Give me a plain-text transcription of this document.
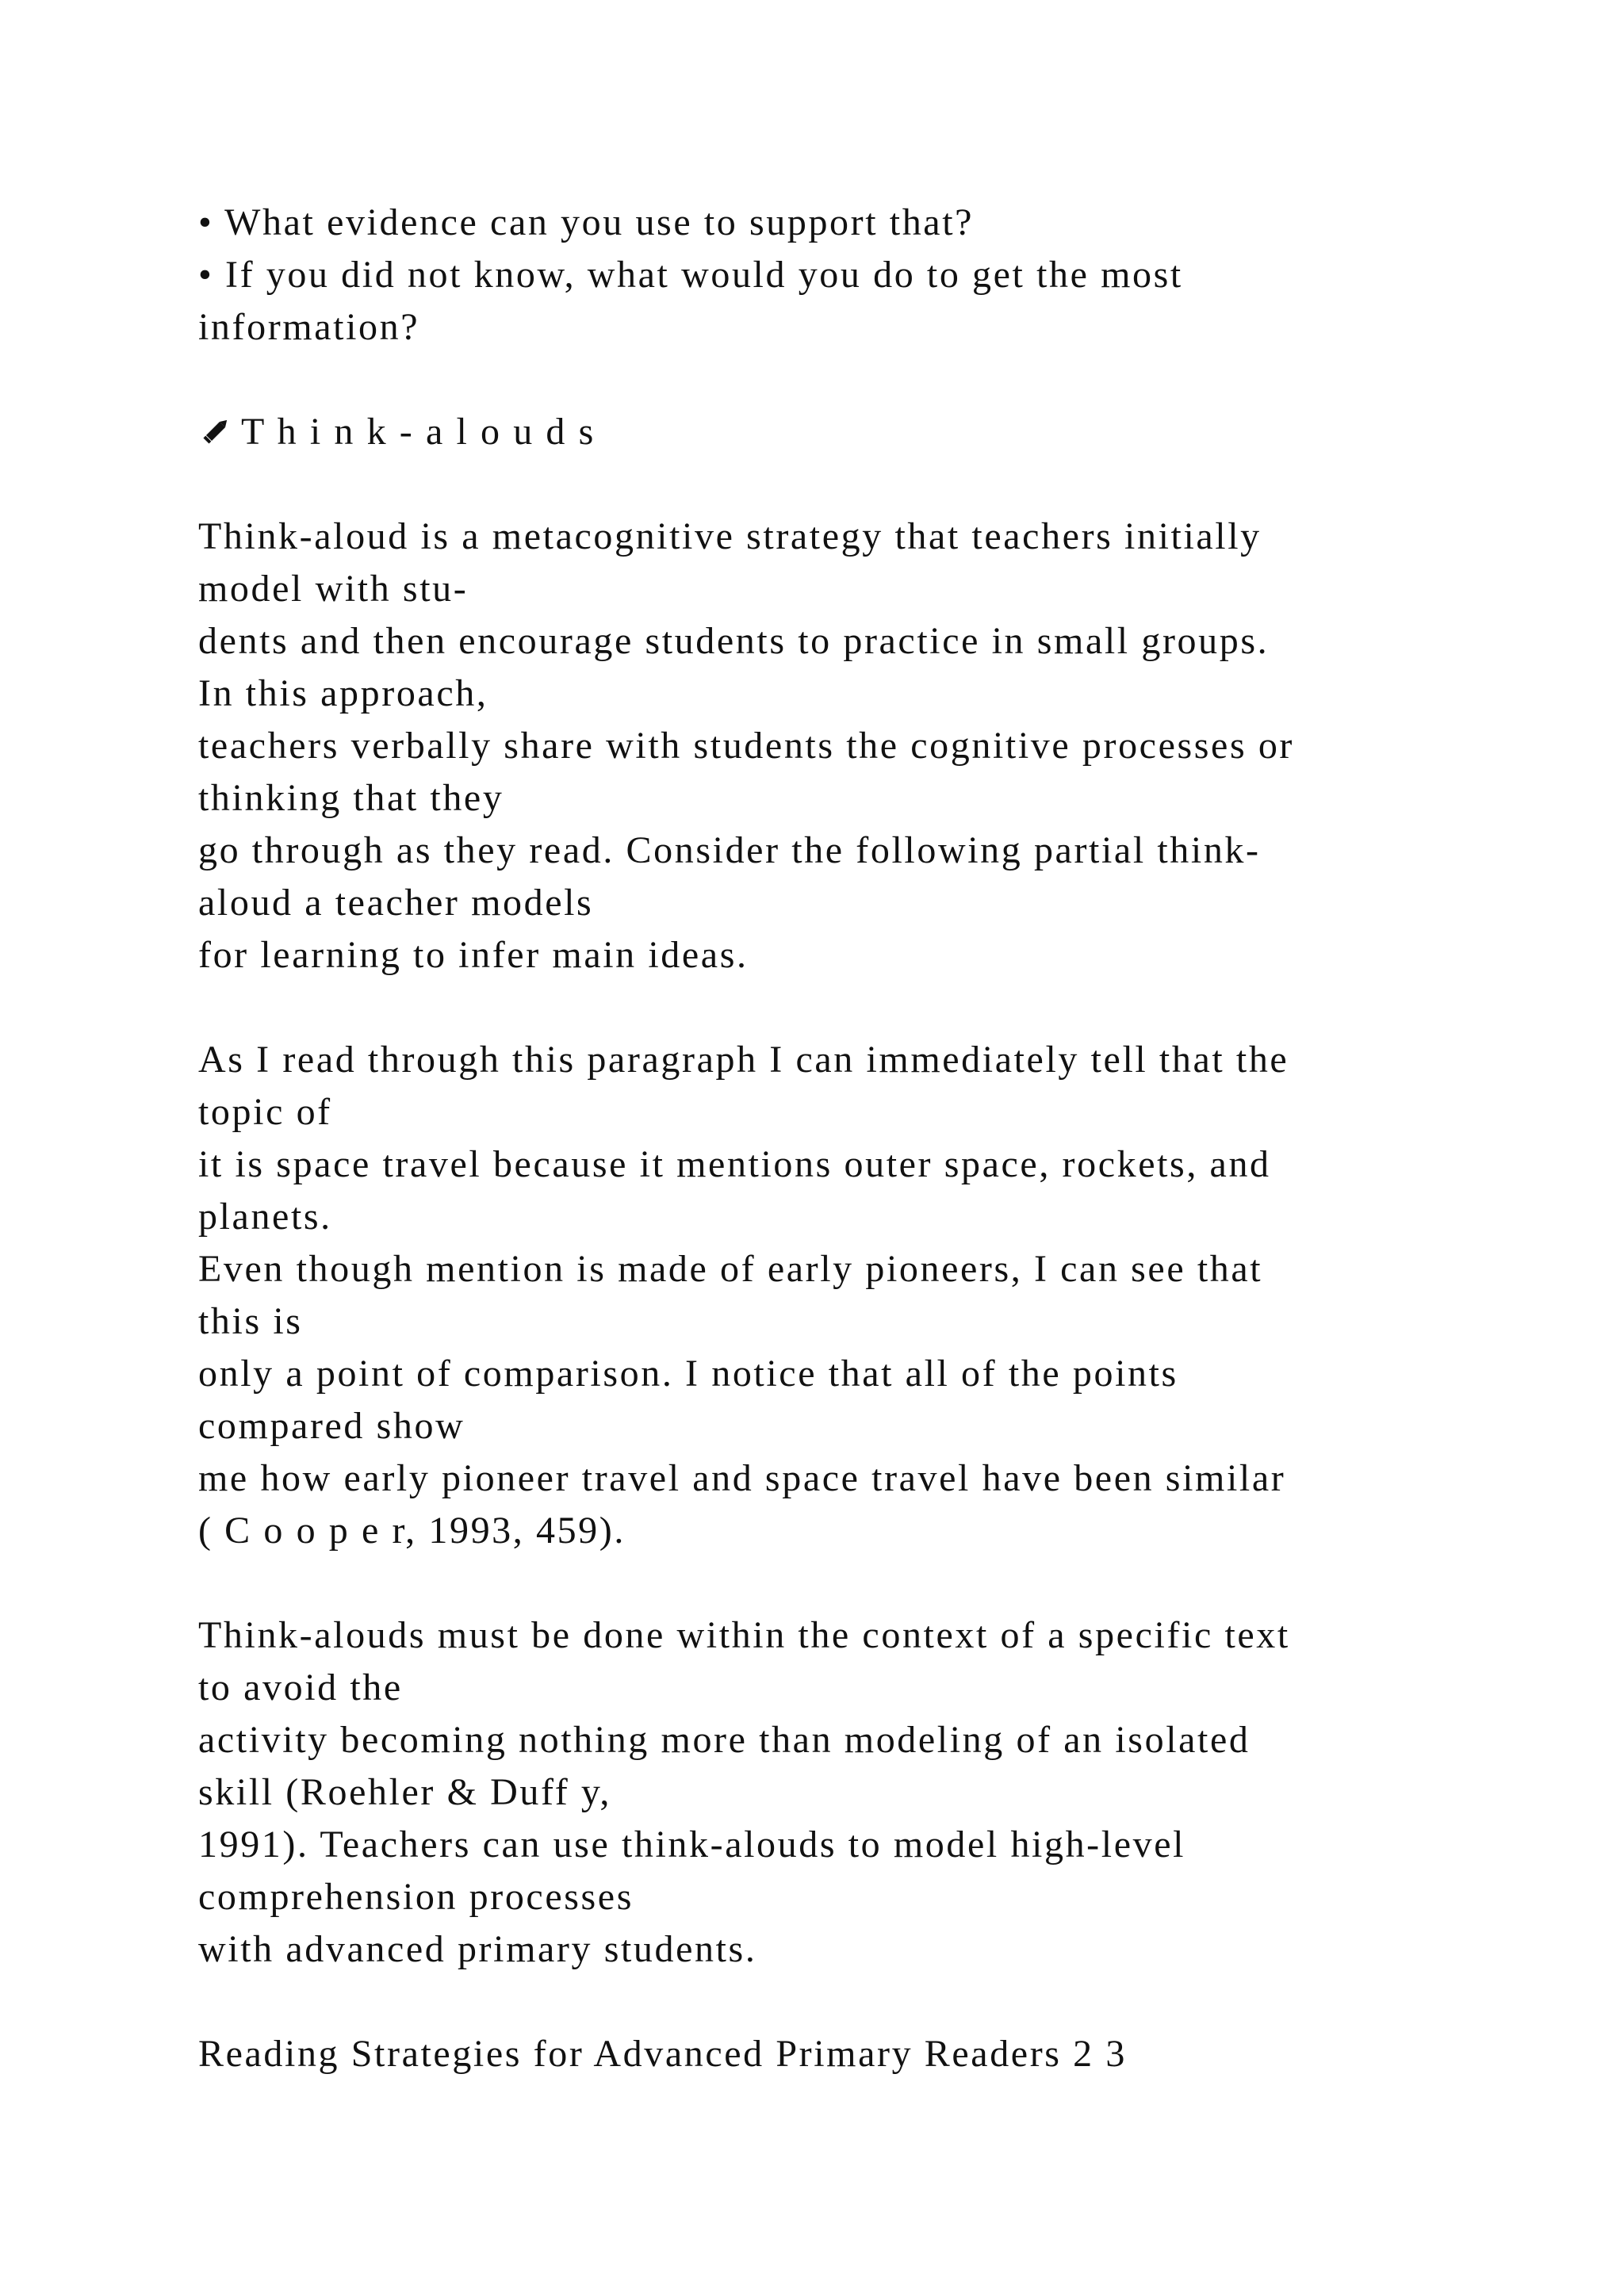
• What evidence can you use to support that?
• If you did not know, what would you do to get the most
information?
T h i n k - a l o u d s
Think-aloud is a metacognitive strategy that teachers initially
model with stu-
dents and then encourage students to practice in small groups.
In this approach,
teachers verbally share with students the cognitive processes or
thinking that they
go through as they read. Consider the following partial think-
aloud a teacher models
for learning to infer main ideas.
As I read through this paragraph I can immediately tell that the
topic of
it is space travel because it mentions outer space, rockets, and
planets.
Even though mention is made of early pioneers, I can see that
this is
only a point of comparison. I notice that all of the points
compared show
me how early pioneer travel and space travel have been similar
( C o o p e r, 1993, 459).
Think-alouds must be done within the context of a specific text
to avoid the
activity becoming nothing more than modeling of an isolated
skill (Roehler & Duff y,
1991). Teachers can use think-alouds to model high-level
comprehension processes
with advanced primary students.
Reading Strategies for Advanced Primary Readers 2 3
